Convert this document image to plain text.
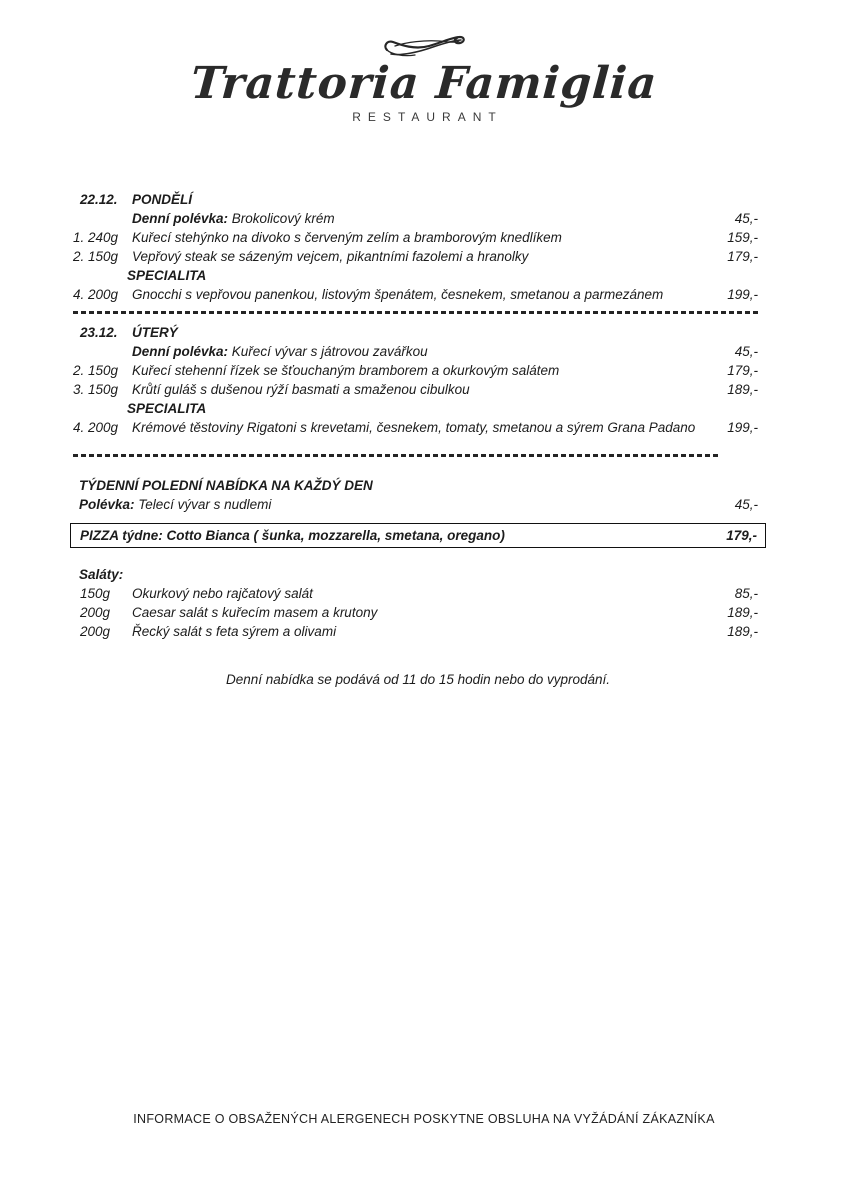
Trattoria Famiglia
RESTAURANT
22.12.	PONDĚLÍ
Denní polévka: Brokolicový krém	45,-
1. 240g	Kuřecí stehýnko na divoko s červeným zelím a bramborovým knedlíkem	159,-
2. 150g	Vepřový steak se sázeným vejcem, pikantními fazolemi a hranolky	179,-
SPECIALITA
4. 200g	Gnocchi s vepřovou panenkou, listovým špenátem, česnekem, smetanou a parmezánem	199,-
23.12.	ÚTERÝ
Denní polévka: Kuřecí vývar s játrovou zavářkou	45,-
2. 150g	Kuřecí stehenní řízek se šťouchaným bramborem a okurkovým salátem	179,-
3. 150g	Krůtí guláš s dušenou rýží basmati a smaženou cibulkou	189,-
SPECIALITA
4. 200g	Krémové těstoviny Rigatoni s krevetami, česnekem, tomaty, smetanou a sýrem Grana Padano	199,-
TÝDENNÍ POLEDNÍ NABÍDKA NA KAŽDÝ DEN
Polévka: Telecí vývar s nudlemi	45,-
PIZZA týdne: Cotto Bianca ( šunka, mozzarella, smetana, oregano)	179,-
Saláty:
150g	Okurkový nebo rajčatový salát	85,-
200g	Caesar salát s kuřecím masem a krutony	189,-
200g	Řecký salát s feta sýrem a olivami	189,-
Denní nabídka se podává od 11 do 15 hodin nebo do vyprodání.
INFORMACE O OBSAŽENÝCH ALERGENECH POSKYTNE OBSLUHA NA VYŽÁDÁNÍ ZÁKAZNÍKA
